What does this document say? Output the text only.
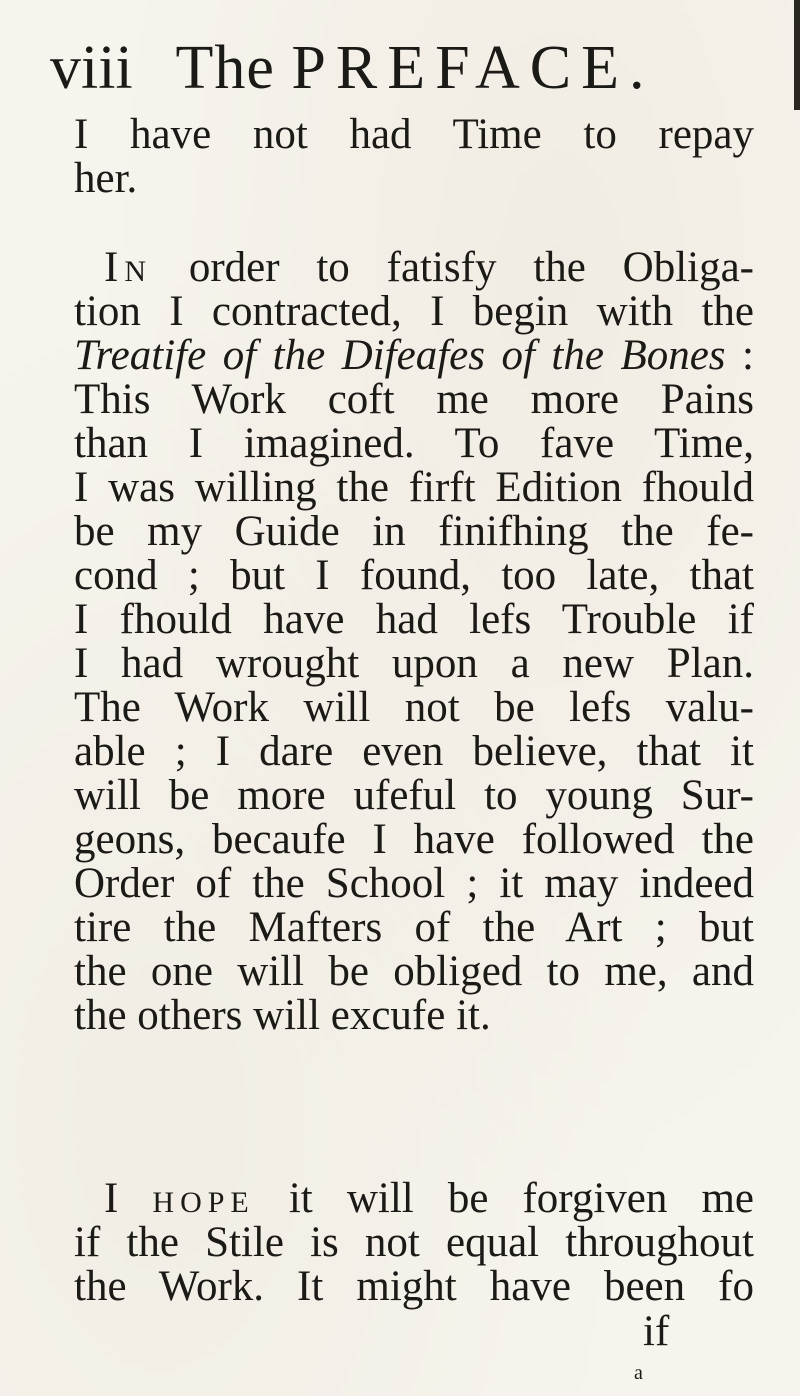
viii The PREFACE.
I have not had Time to repay
her.
In order to fatisfy the Obliga-
tion I contracted, I begin with the
Treatife of the Difeafes of the Bones :
This Work coft me more Pains
than I imagined. To fave Time,
I was willing the firft Edition fhould
be my Guide in finifhing the fe-
cond ; but I found, too late, that
I fhould have had lefs Trouble if
I had wrought upon a new Plan.
The Work will not be lefs valu-
able ; I dare even believe, that it
will be more ufeful to young Sur-
geons, becaufe I have followed the
Order of the School ; it may indeed
tire the Mafters of the Art ; but
the one will be obliged to me, and
the others will excufe it.
I hope it will be forgiven me
if the Stile is not equal throughout
the Work. It might have been fo
if
a
